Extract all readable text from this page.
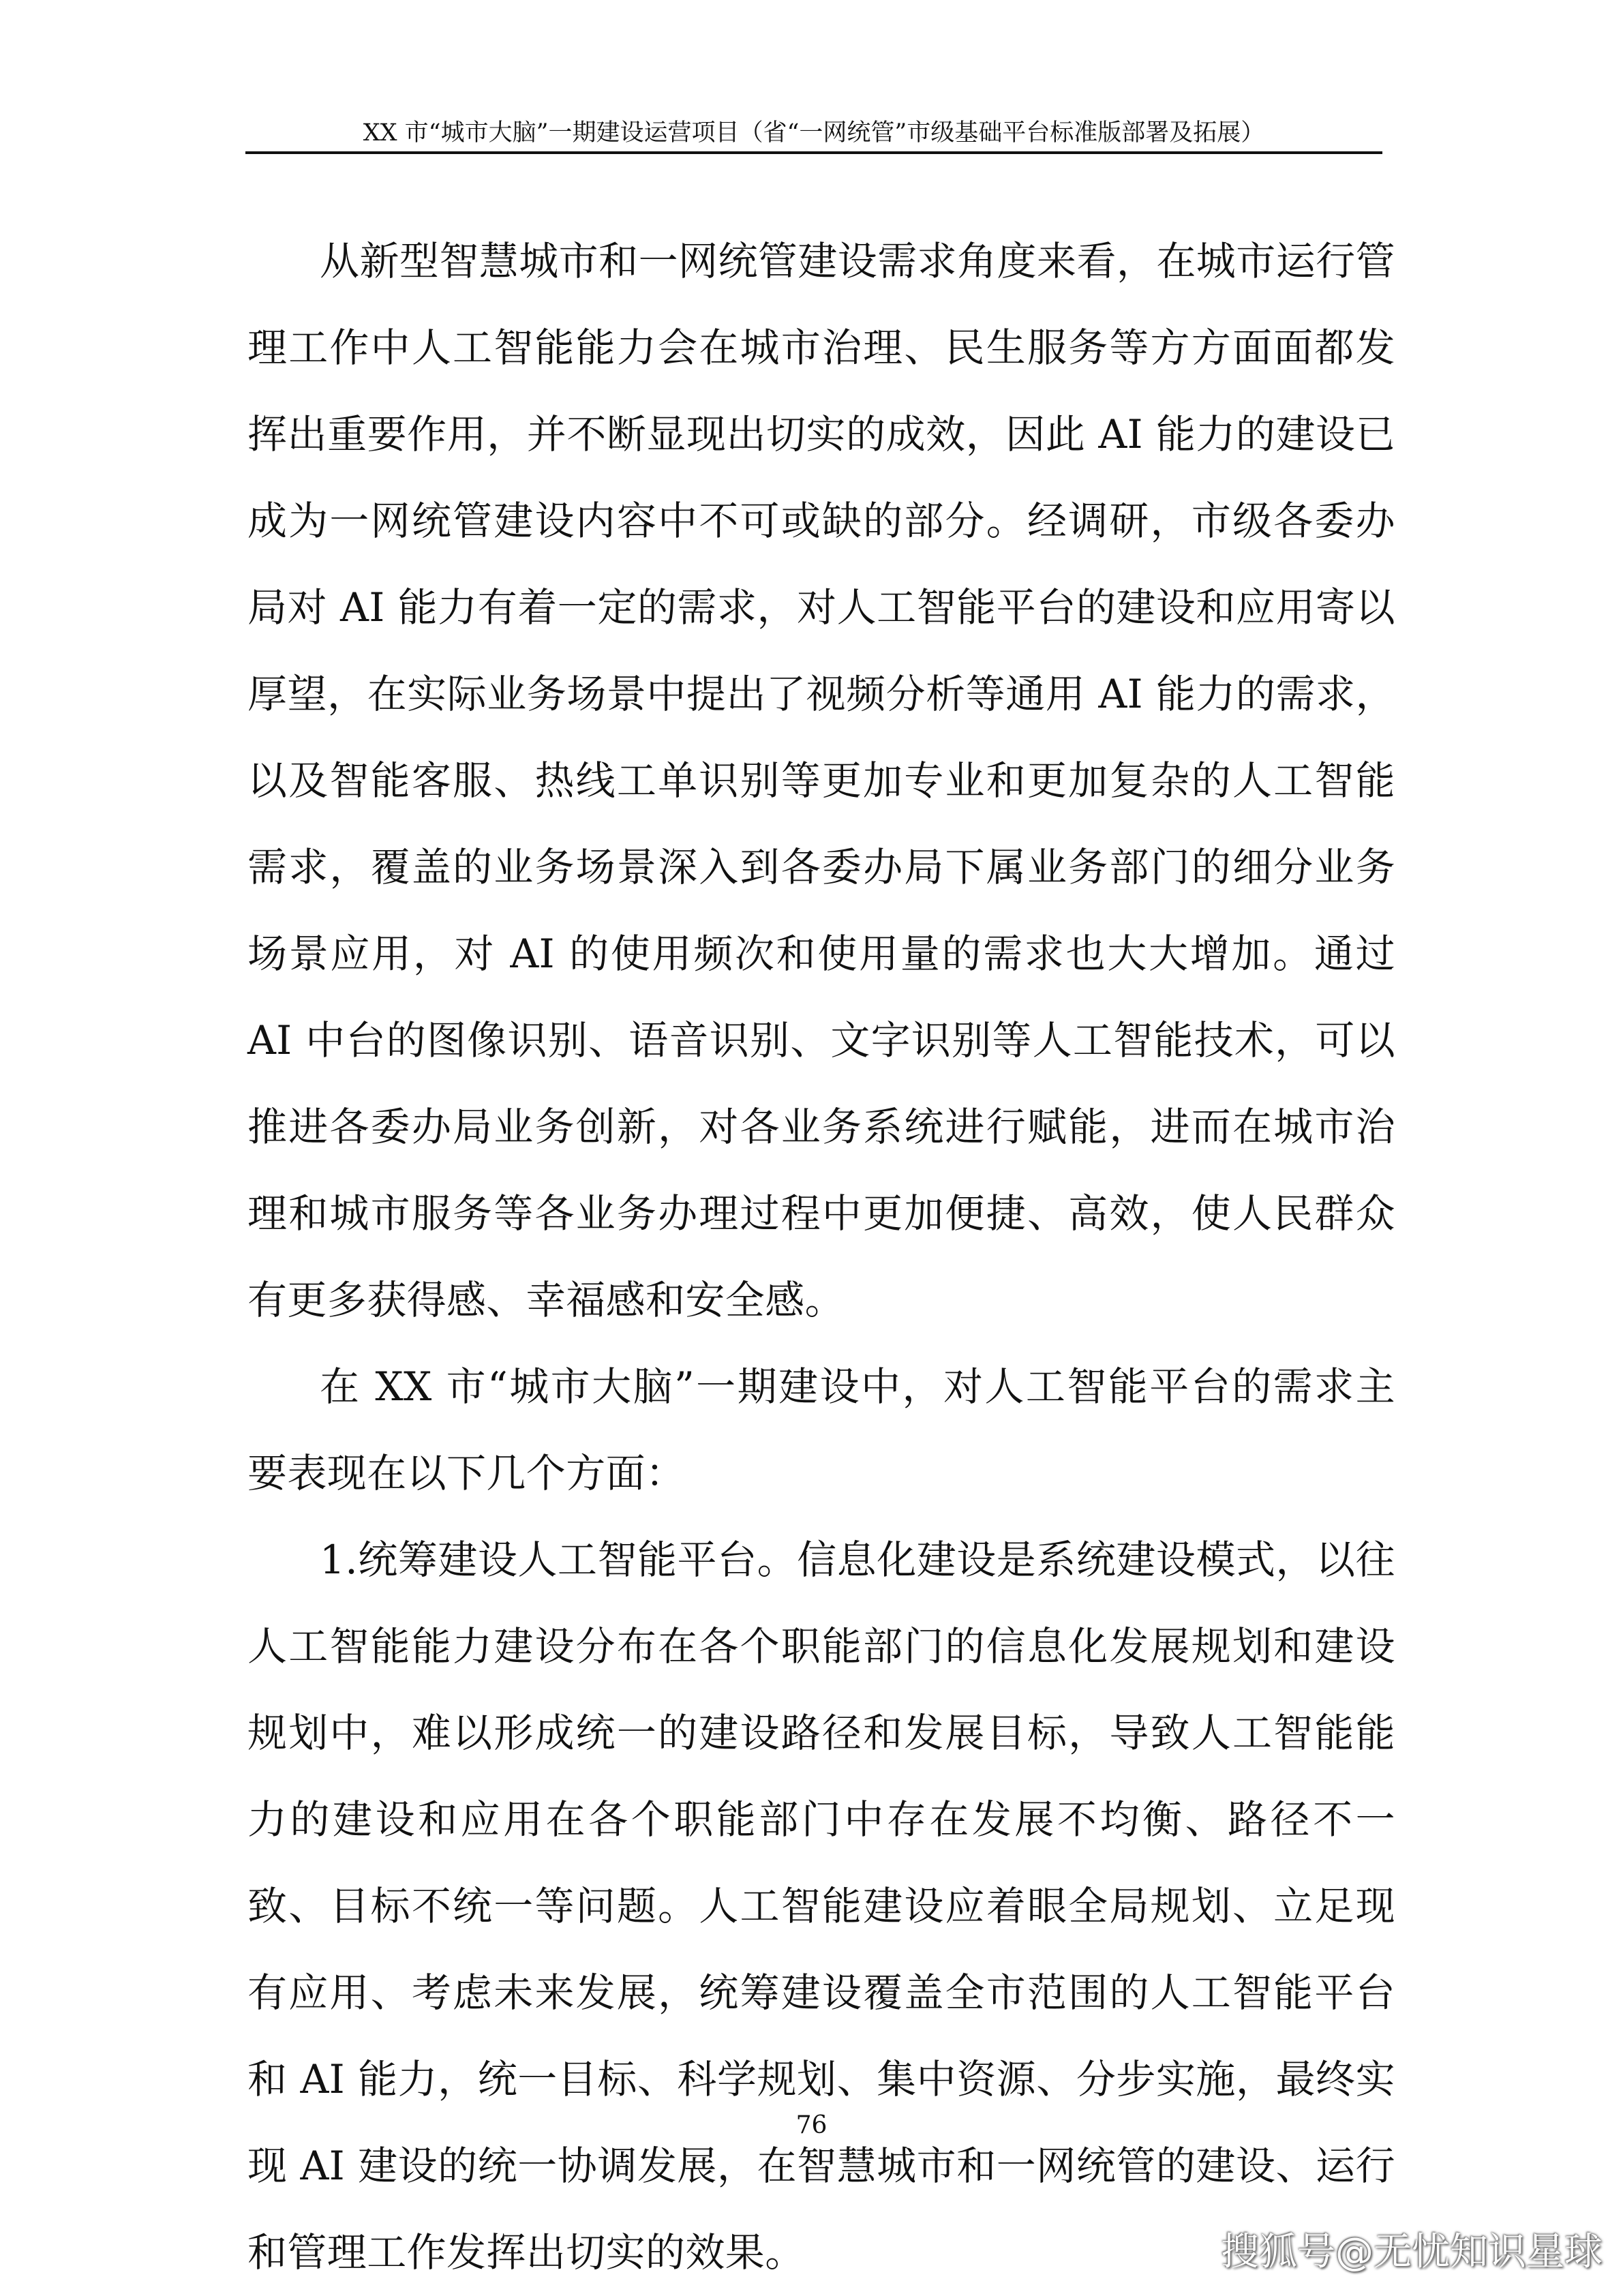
XX 市“城市大脑”一期建设运营项目（省“一网统管”市级基础平台标准版部署及拓展）

从新型智慧城市和一网统管建设需求角度来看，在城市运行管理工作中人工智能能力会在城市治理、民生服务等方方面面都发挥出重要作用，并不断显现出切实的成效，因此 AI 能力的建设已成为一网统管建设内容中不可或缺的部分。经调研，市级各委办局对 AI 能力有着一定的需求，对人工智能平台的建设和应用寄以厚望，在实际业务场景中提出了视频分析等通用 AI 能力的需求，以及智能客服、热线工单识别等更加专业和更加复杂的人工智能需求，覆盖的业务场景深入到各委办局下属业务部门的细分业务场景应用，对 AI 的使用频次和使用量的需求也大大增加。通过 AI 中台的图像识别、语音识别、文字识别等人工智能技术，可以推进各委办局业务创新，对各业务系统进行赋能，进而在城市治理和城市服务等各业务办理过程中更加便捷、高效，使人民群众有更多获得感、幸福感和安全感。

在 XX 市“城市大脑”一期建设中，对人工智能平台的需求主要表现在以下几个方面：

1.统筹建设人工智能平台。信息化建设是系统建设模式，以往人工智能能力建设分布在各个职能部门的信息化发展规划和建设规划中，难以形成统一的建设路径和发展目标，导致人工智能能力的建设和应用在各个职能部门中存在发展不均衡、路径不一致、目标不统一等问题。人工智能建设应着眼全局规划、立足现有应用、考虑未来发展，统筹建设覆盖全市范围的人工智能平台和 AI 能力，统一目标、科学规划、集中资源、分步实施，最终实现 AI 建设的统一协调发展，在智慧城市和一网统管的建设、运行和管理工作发挥出切实的效果。

76
搜狐号@无忧知识星球
